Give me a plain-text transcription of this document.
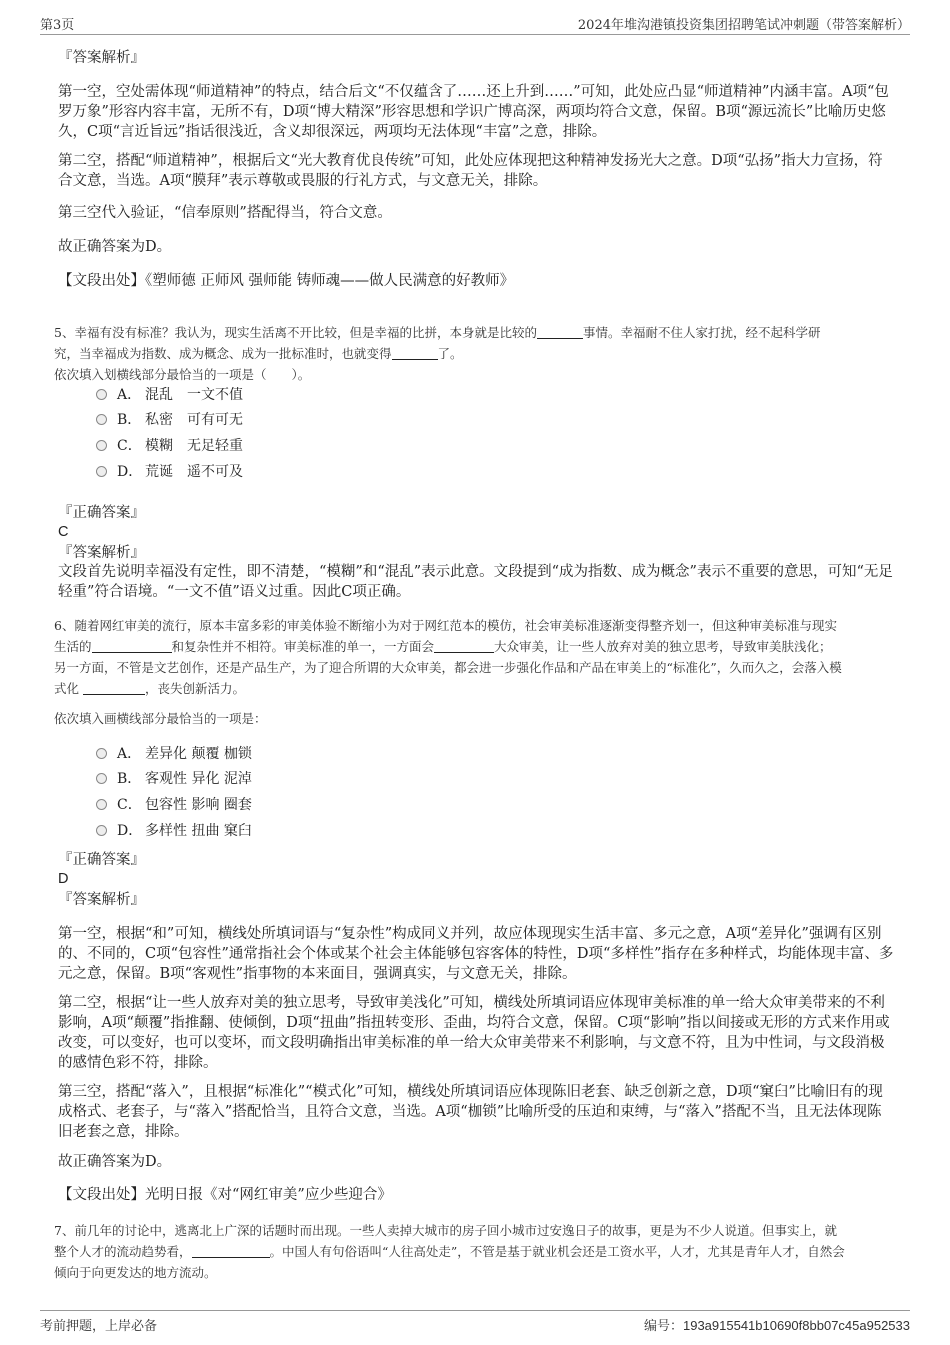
第3页	2024年堆沟港镇投资集团招聘笔试冲刺题（带答案解析）
『答案解析』
第一空，空处需体现“师道精神”的特点，结合后文“不仅蕴含了……还上升到……”可知，此处应凸显“师道精神”内涵丰富。A项“包罗万象”形容内容丰富，无所不有，D项“博大精深”形容思想和学识广博高深，两项均符合文意，保留。B项“源远流长”比喻历史悠久，C项“言近旨远”指话很浅近，含义却很深远，两项均无法体现“丰富”之意，排除。
第二空，搭配“师道精神”，根据后文“光大教育优良传统”可知，此处应体现把这种精神发扬光大之意。D项“弘扬”指大力宣扬，符合文意，当选。A项“膜拜”表示尊敬或畏服的行礼方式，与文意无关，排除。
第三空代入验证，“信奉原则”搭配得当，符合文意。
故正确答案为D。
【文段出处】《塑师德 正师风 强师能 铸师魂——做人民满意的好教师》

5、幸福有没有标准？我认为，现实生活离不开比较，但是幸福的比拼，本身就是比较的	事情。幸福耐不住人家打扰，经不起科学研

究，当幸福成为指数、成为概念、成为一批标准时，也就变得	了。

依次填入划横线部分最恰当的一项是（　　）。

A． 混乱　一文不值
B． 私密　可有可无
C． 模糊　无足轻重
D． 荒诞　遥不可及
『正确答案』
C
『答案解析』
文段首先说明幸福没有定性，即不清楚，“模糊”和“混乱”表示此意。文段提到“成为指数、成为概念”表示不重要的意思，可知“无足轻重”符合语境。“一文不值”语义过重。因此C项正确。

6、随着网红审美的流行，原本丰富多彩的审美体验不断缩小为对于网红范本的模仿，社会审美标准逐渐变得整齐划一，但这种审美标准与现实

生活的	和复杂性并不相符。审美标准的单一，一方面会	大众审美，让一些人放弃对美的独立思考，导致审美肤浅化；

另一方面，不管是文艺创作，还是产品生产，为了迎合所谓的大众审美，都会进一步强化作品和产品在审美上的“标准化”，久而久之，会落入模

式化	，丧失创新活力。

依次填入画横线部分最恰当的一项是：
A． 差异化 颠覆 枷锁
B． 客观性 异化 泥淖
C． 包容性 影响 圈套
D． 多样性 扭曲 窠臼
『正确答案』
D
『答案解析』
第一空，根据“和”可知，横线处所填词语与“复杂性”构成同义并列，故应体现现实生活丰富、多元之意，A项“差异化”强调有区别的、不同的，C项“包容性”通常指社会个体或某个社会主体能够包容客体的特性，D项“多样性”指存在多种样式，均能体现丰富、多元之意，保留。B项“客观性”指事物的本来面目，强调真实，与文意无关，排除。
第二空，根据“让一些人放弃对美的独立思考，导致审美浅化”可知，横线处所填词语应体现审美标准的单一给大众审美带来的不利影响，A项“颠覆”指推翻、使倾倒，D项“扭曲”指扭转变形、歪曲，均符合文意，保留。C项“影响”指以间接或无形的方式来作用或改变，可以变好，也可以变坏，而文段明确指出审美标准的单一给大众审美带来不利影响，与文意不符，且为中性词，与文段消极的感情色彩不符，排除。
第三空，搭配“落入”，且根据“标准化”“模式化”可知，横线处所填词语应体现陈旧老套、缺乏创新之意，D项“窠臼”比喻旧有的现成格式、老套子，与“落入”搭配恰当，且符合文意，当选。A项“枷锁”比喻所受的压迫和束缚，与“落入”搭配不当，且无法体现陈旧老套之意，排除。
故正确答案为D。
【文段出处】光明日报《对“网红审美”应少些迎合》

7、前几年的讨论中，逃离北上广深的话题时而出现。一些人卖掉大城市的房子回小城市过安逸日子的故事，更是为不少人说道。但事实上，就

整个人才的流动趋势看，	。中国人有句俗语叫“人往高处走”，不管是基于就业机会还是工资水平，人才，尤其是青年人才，自然会

倾向于向更发达的地方流动。

考前押题，上岸必备	编号：193a915541b10690f8bb07c45a952533
